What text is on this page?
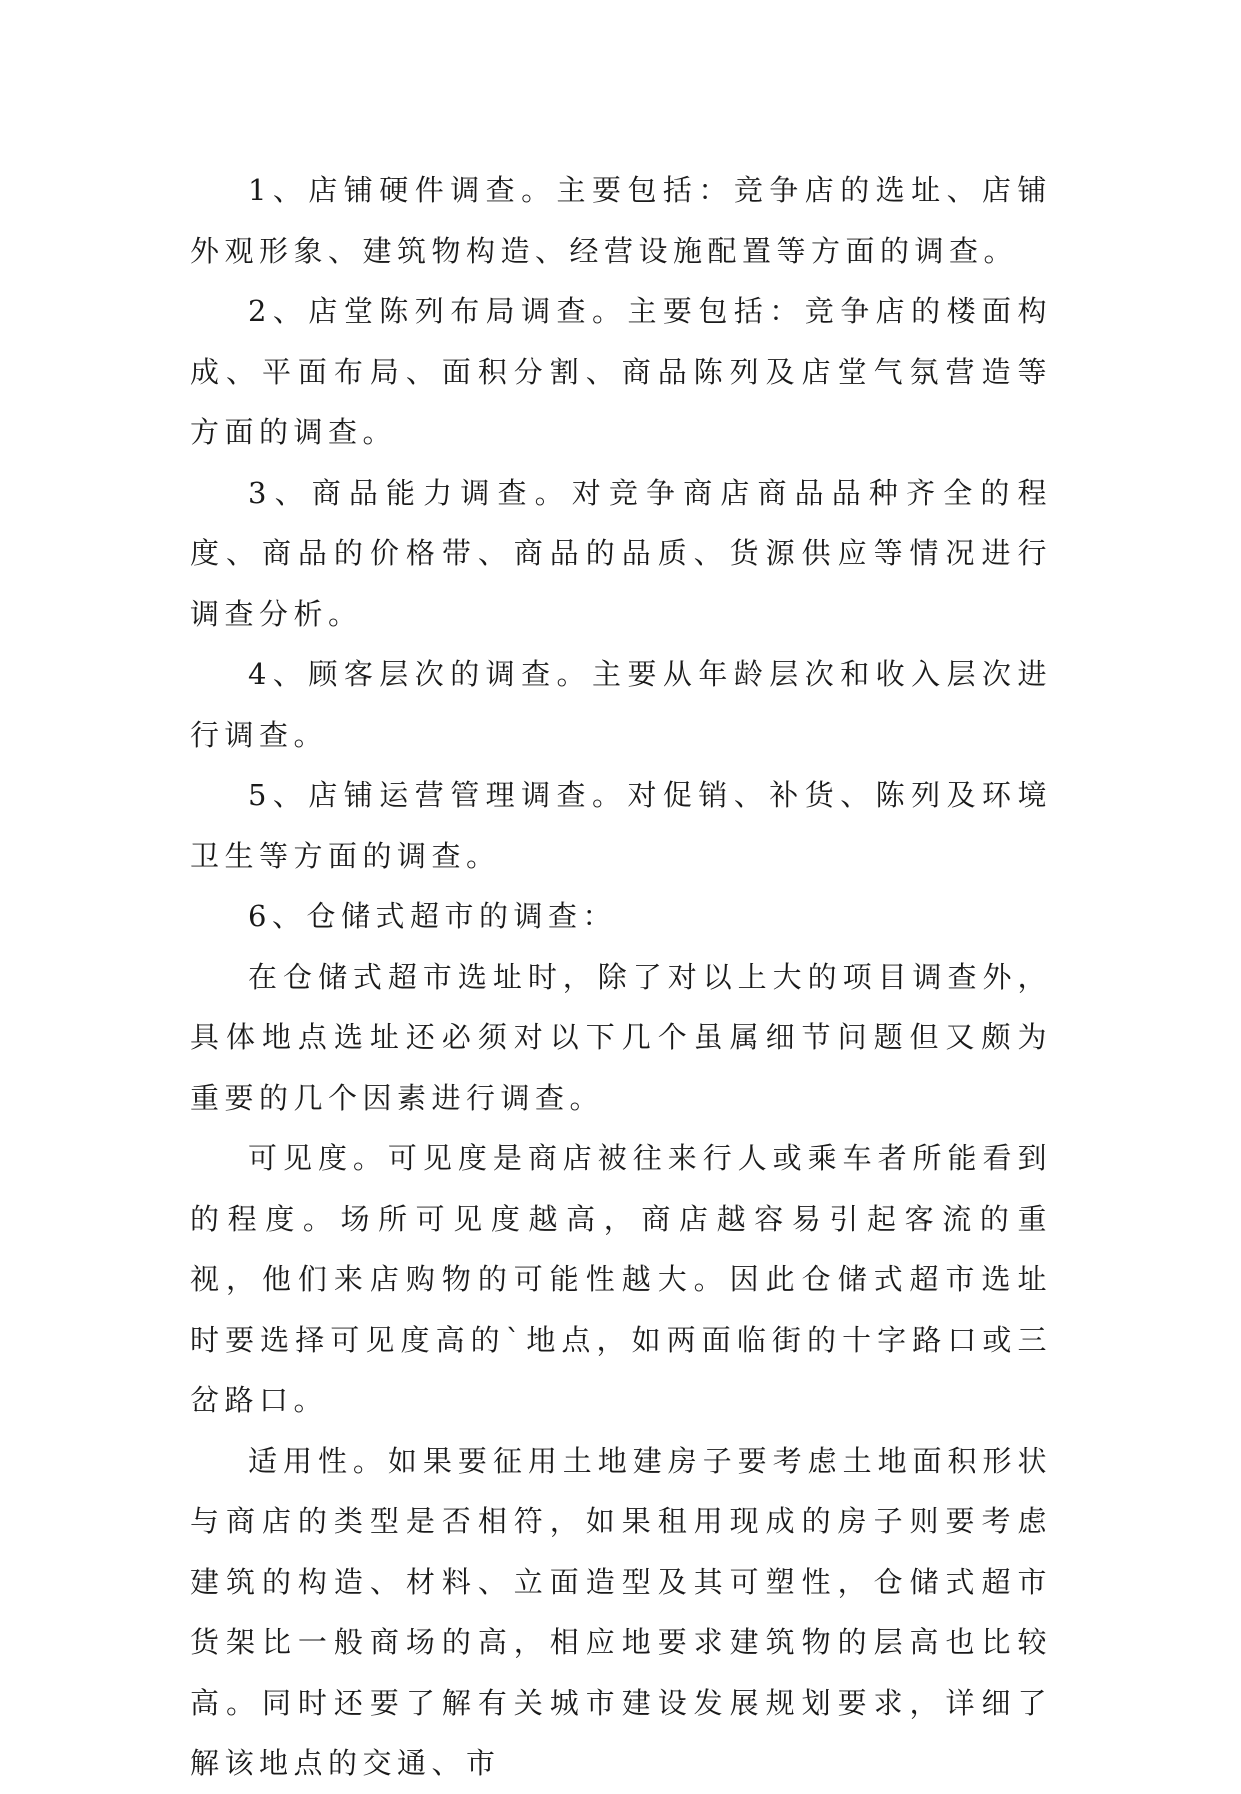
1、店铺硬件调查。主要包括：竞争店的选址、店铺外观形象、建筑物构造、经营设施配置等方面的调查。

2、店堂陈列布局调查。主要包括：竞争店的楼面构成、平面布局、面积分割、商品陈列及店堂气氛营造等方面的调查。

3、商品能力调查。对竞争商店商品品种齐全的程度、商品的价格带、商品的品质、货源供应等情况进行调查分析。

4、顾客层次的调查。主要从年龄层次和收入层次进行调查。

5、店铺运营管理调查。对促销、补货、陈列及环境卫生等方面的调查。

6、仓储式超市的调查：

在仓储式超市选址时，除了对以上大的项目调查外，具体地点选址还必须对以下几个虽属细节问题但又颇为重要的几个因素进行调查。

可见度。可见度是商店被往来行人或乘车者所能看到的程度。场所可见度越高，商店越容易引起客流的重视，他们来店购物的可能性越大。因此仓储式超市选址时要选择可见度高的`地点，如两面临街的十字路口或三岔路口。

适用性。如果要征用土地建房子要考虑土地面积形状与商店的类型是否相符，如果租用现成的房子则要考虑建筑的构造、材料、立面造型及其可塑性，仓储式超市货架比一般商场的高，相应地要求建筑物的层高也比较高。同时还要了解有关城市建设发展规划要求，详细了解该地点的交通、市
